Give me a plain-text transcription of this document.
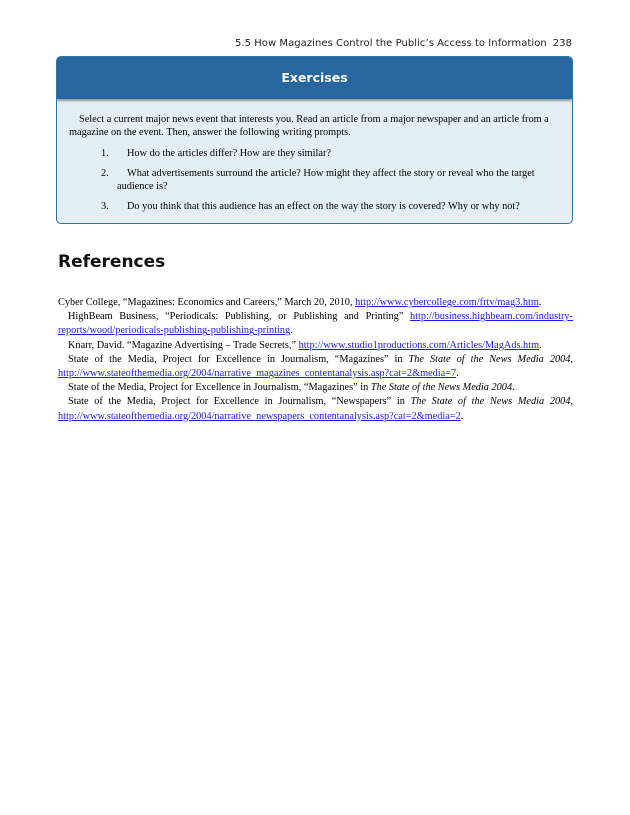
5.5 How Magazines Control the Public’s Access to Information 238
Exercises

Select a current major news event that interests you. Read an article from a major newspaper and an article from a magazine on the event. Then, answer the following writing prompts.

1.	How do the articles differ? How are they similar?
2.	What advertisements surround the article? How might they affect the story or reveal who the target audience is?
3.	Do you think that this audience has an effect on the way the story is covered? Why or why not?
References

Cyber College, “Magazines: Economics and Careers,” March 20, 2010, http://www.cybercollege.com/frtv/mag3.htm.

HighBeam Business, “Periodicals: Publishing, or Publishing and Printing” http://business.highbeam.com/industry-reports/wood/periodicals-publishing-publishing-printing.

Knarr, David. “Magazine Advertising – Trade Secrets,” http://www.studio1productions.com/Articles/MagAds.htm.

State of the Media, Project for Excellence in Journalism, “Magazines” in The State of the News Media 2004, http://www.stateofthemedia.org/2004/narrative_magazines_contentanalysis.asp?cat=2&media=7.

State of the Media, Project for Excellence in Journalism, “Magazines” in The State of the News Media 2004.

State of the Media, Project for Excellence in Journalism, “Newspapers” in The State of the News Media 2004, http://www.stateofthemedia.org/2004/narrative_newspapers_contentanalysis.asp?cat=2&media=2.
